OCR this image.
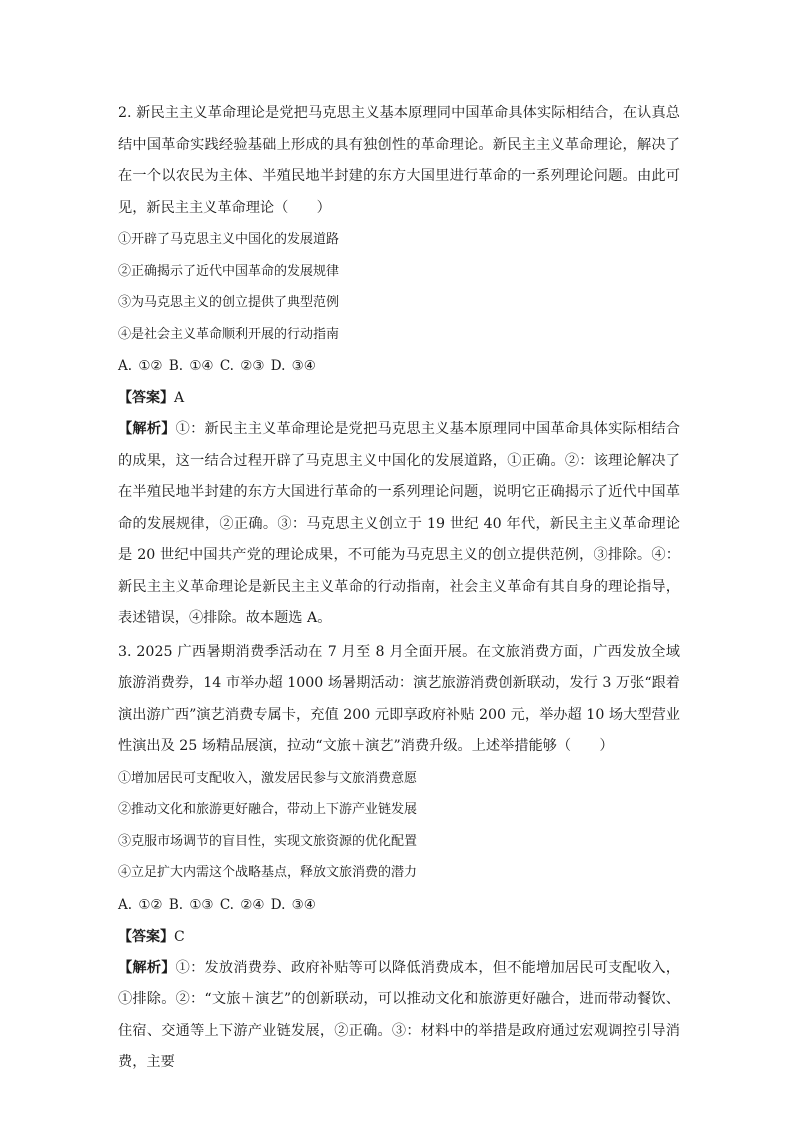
2. 新民主主义革命理论是党把马克思主义基本原理同中国革命具体实际相结合，在认真总结中国革命实践经验基础上形成的具有独创性的革命理论。新民主主义革命理论，解决了在一个以农民为主体、半殖民地半封建的东方大国里进行革命的一系列理论问题。由此可见，新民主主义革命理论（　　）

①开辟了马克思主义中国化的发展道路

②正确揭示了近代中国革命的发展规律

③为马克思主义的创立提供了典型范例

④是社会主义革命顺利开展的行动指南

A. ①② B. ①④ C. ②③ D. ③④

【答案】A

【解析】①：新民主主义革命理论是党把马克思主义基本原理同中国革命具体实际相结合的成果，这一结合过程开辟了马克思主义中国化的发展道路，①正确。②：该理论解决了在半殖民地半封建的东方大国进行革命的一系列理论问题，说明它正确揭示了近代中国革命的发展规律，②正确。③：马克思主义创立于 19 世纪 40 年代，新民主主义革命理论是 20 世纪中国共产党的理论成果，不可能为马克思主义的创立提供范例，③排除。④：新民主主义革命理论是新民主主义革命的行动指南，社会主义革命有其自身的理论指导，表述错误，④排除。故本题选 A。

3. 2025 广西暑期消费季活动在 7 月至 8 月全面开展。在文旅消费方面，广西发放全域旅游消费券，14 市举办超 1000 场暑期活动：演艺旅游消费创新联动，发行 3 万张“跟着演出游广西”演艺消费专属卡，充值 200 元即享政府补贴 200 元，举办超 10 场大型营业性演出及 25 场精品展演，拉动“文旅＋演艺”消费升级。上述举措能够（　　）

①增加居民可支配收入，激发居民参与文旅消费意愿

②推动文化和旅游更好融合，带动上下游产业链发展

③克服市场调节的盲目性，实现文旅资源的优化配置

④立足扩大内需这个战略基点，释放文旅消费的潜力

A. ①② B. ①③ C. ②④ D. ③④

【答案】C

【解析】①：发放消费券、政府补贴等可以降低消费成本，但不能增加居民可支配收入，①排除。②：“文旅＋演艺”的创新联动，可以推动文化和旅游更好融合，进而带动餐饮、住宿、交通等上下游产业链发展，②正确。③：材料中的举措是政府通过宏观调控引导消费，主要
